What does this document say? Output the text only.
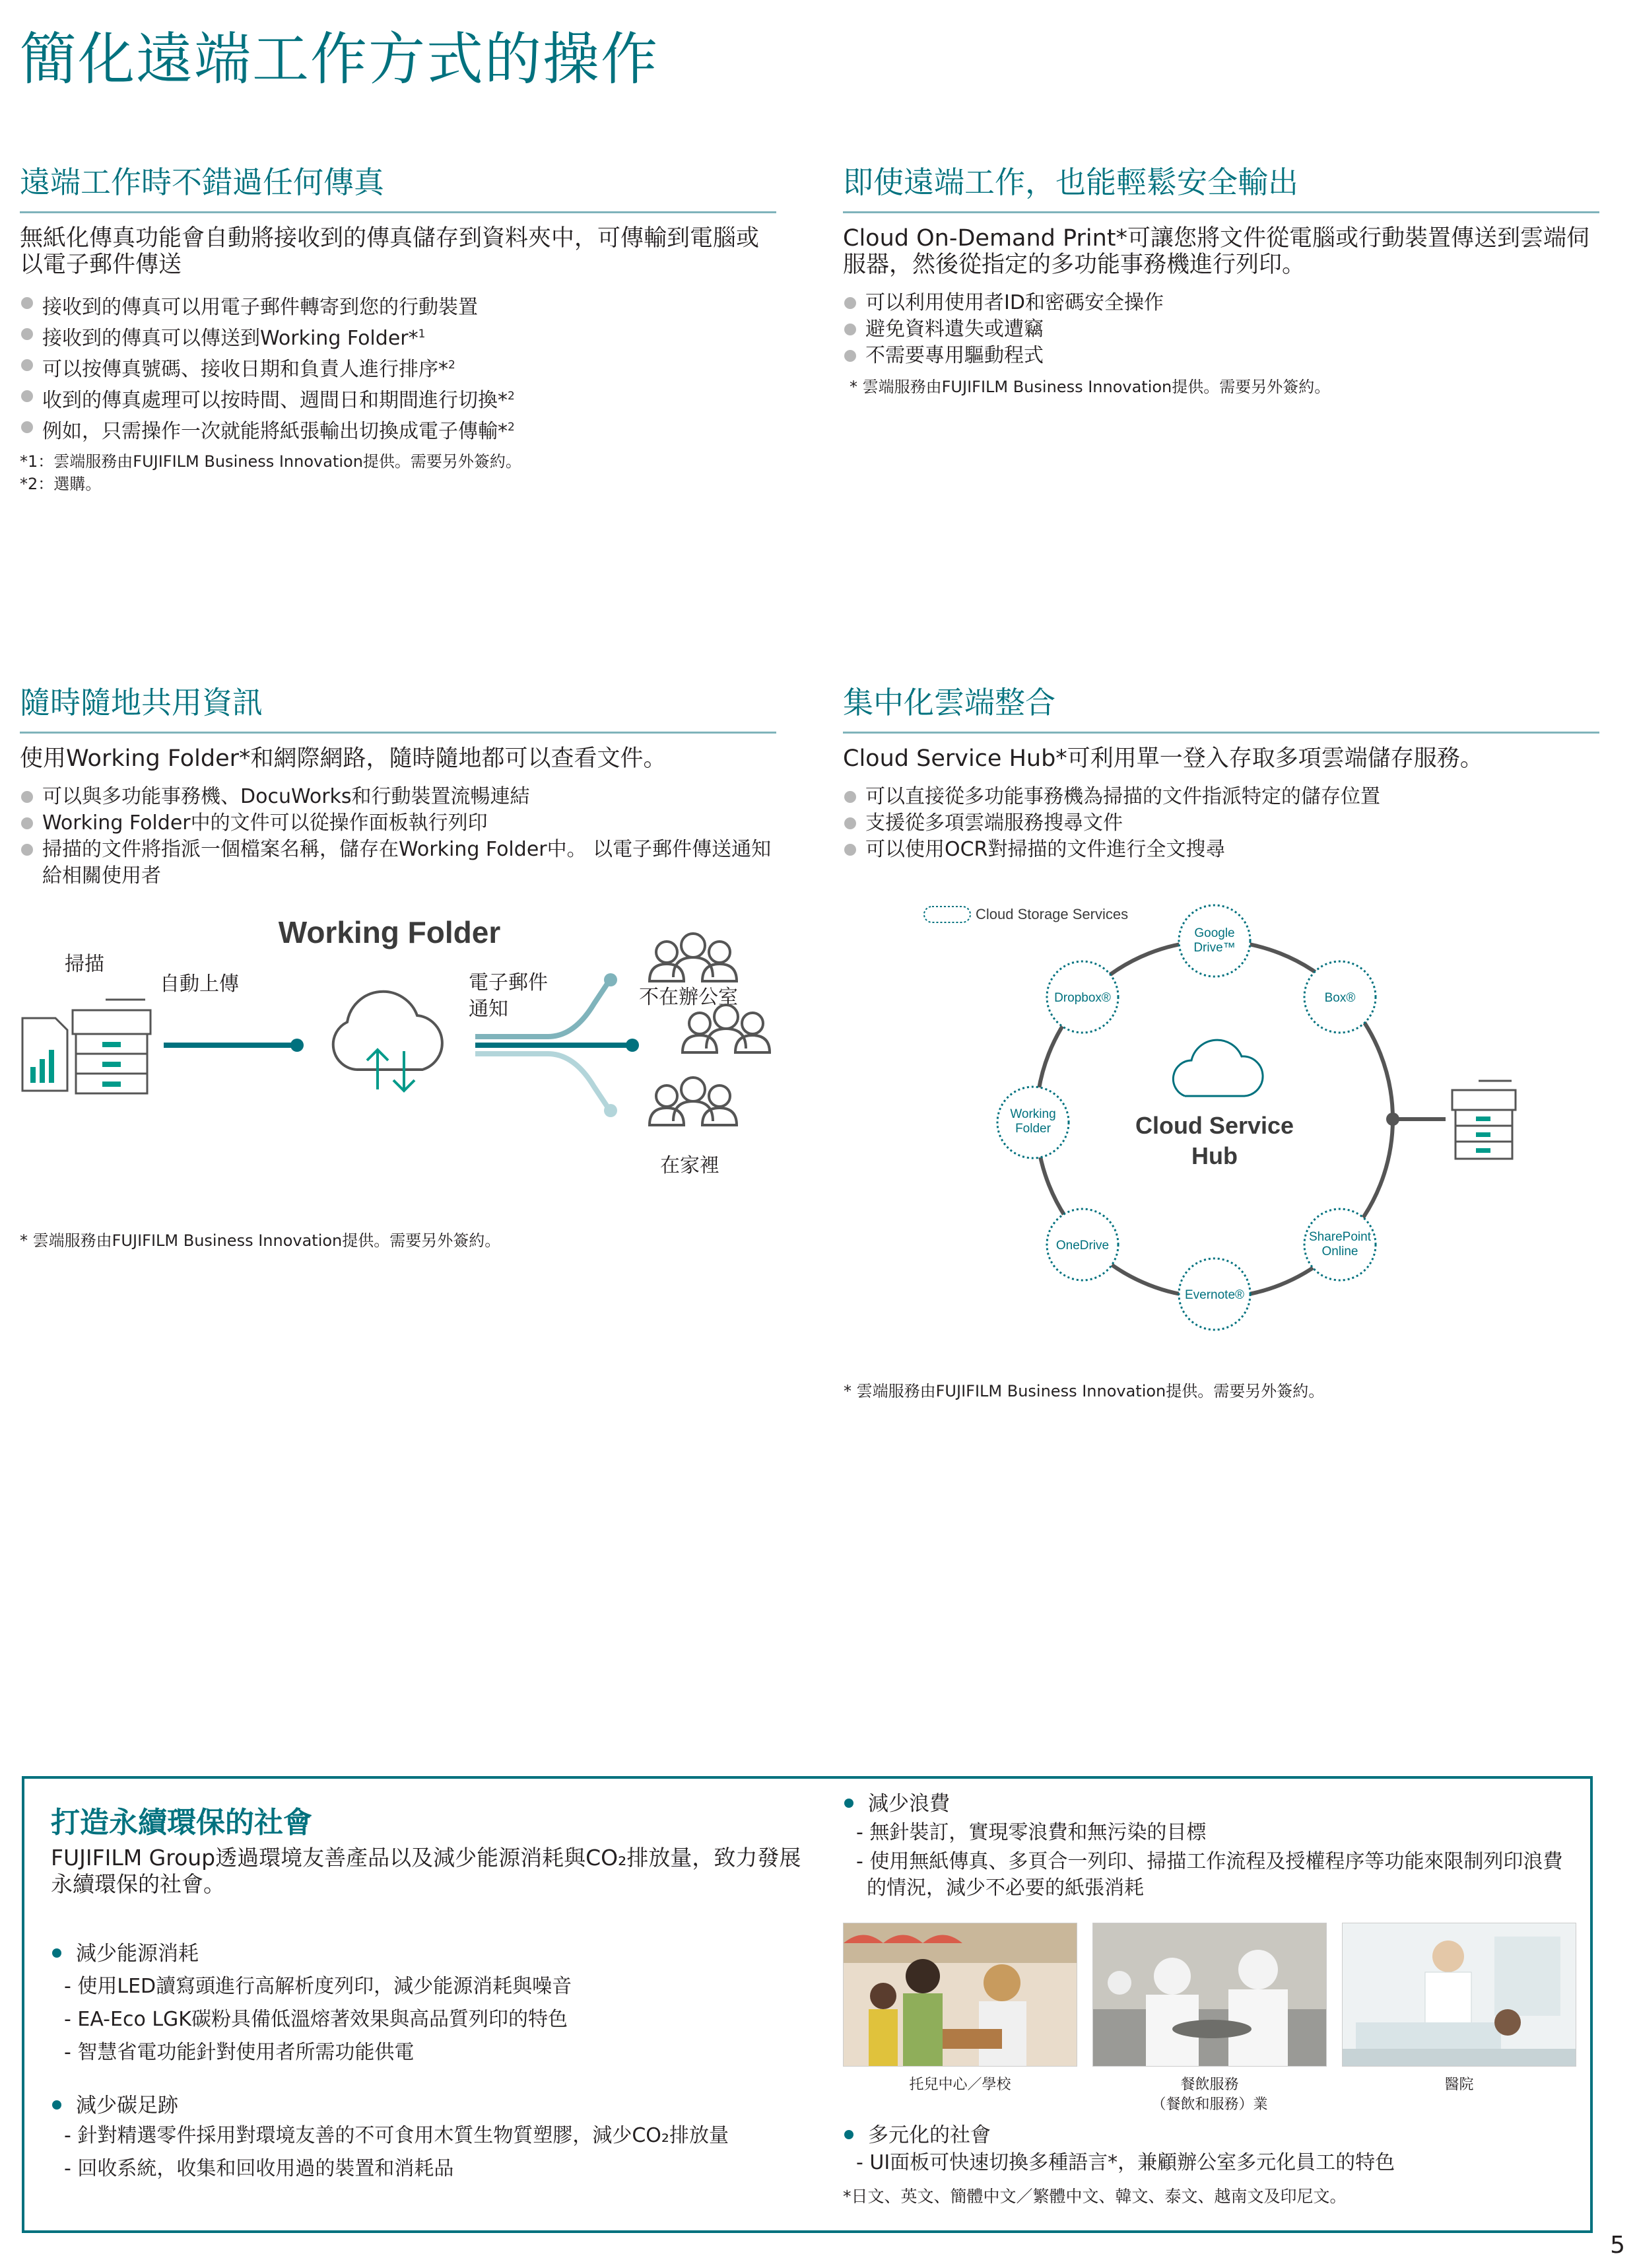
簡化遠端工作方式的操作
遠端工作時不錯過任何傳真
無紙化傳真功能會自動將接收到的傳真儲存到資料夾中，可傳輸到電腦或以電子郵件傳送
接收到的傳真可以用電子郵件轉寄到您的行動裝置
接收到的傳真可以傳送到Working Folder*$^1$
可以按傳真號碼、接收日期和負責人進行排序*$^2$
收到的傳真處理可以按時間、週間日和期間進行切換*$^2$
例如，只需操作一次就能將紙張輸出切換成電子傳輸*$^2$
*1：雲端服務由FUJIFILM Business Innovation提供。需要另外簽約。
*2：選購。
即使遠端工作，也能輕鬆安全輸出
Cloud On-Demand Print*可讓您將文件從電腦或行動裝置傳送到雲端伺服器，然後從指定的多功能事務機進行列印。
可以利用使用者ID和密碼安全操作
避免資料遺失或遭竊
不需要專用驅動程式
* 雲端服務由FUJIFILM Business Innovation提供。需要另外簽約。
隨時隨地共用資訊
使用Working Folder*和網際網路，隨時隨地都可以查看文件。
可以與多功能事務機、DocuWorks和行動裝置流暢連結
Working Folder中的文件可以從操作面板執行列印
掃描的文件將指派一個檔案名稱，儲存在Working Folder中。 以電子郵件傳送通知給相關使用者
Working Folder
掃描
自動上傳	電子郵件
通知
不在辦公室
在家裡
* 雲端服務由FUJIFILM Business Innovation提供。需要另外簽約。
集中化雲端整合
Cloud Service Hub*可利用單一登入存取多項雲端儲存服務。
可以直接從多功能事務機為掃描的文件指派特定的儲存位置
支援從多項雲端服務搜尋文件
可以使用OCR對掃描的文件進行全文搜尋
Cloud Storage Services
Cloud Service
Hub
Google
Drive™
Dropbox®	Box®
Working
Folder
OneDrive
SharePoint
Online
Evernote®
* 雲端服務由FUJIFILM Business Innovation提供。需要另外簽約。
打造永續環保的社會
FUJIFILM Group透過環境友善產品以及減少能源消耗與CO₂排放量，致力發展永續環保的社會。
減少能源消耗
- 使用LED讀寫頭進行高解析度列印，減少能源消耗與噪音
- EA-Eco LGK碳粉具備低溫熔著效果與高品質列印的特色
- 智慧省電功能針對使用者所需功能供電
減少碳足跡
- 針對精選零件採用對環境友善的不可食用木質生物質塑膠，減少CO₂排放量
- 回收系統，收集和回收用過的裝置和消耗品
減少浪費
- 無針裝訂，實現零浪費和無污染的目標
- 使用無紙傳真、多頁合一列印、掃描工作流程及授權程序等功能來限制列印浪費的情況，減少不必要的紙張消耗
多元化的社會
- UI面板可快速切換多種語言*，兼顧辦公室多元化員工的特色
*日文、英文、簡體中文／繁體中文、韓文、泰文、越南文及印尼文。
托兒中心／學校	餐飲服務
（餐飲和服務）業
醫院
5
